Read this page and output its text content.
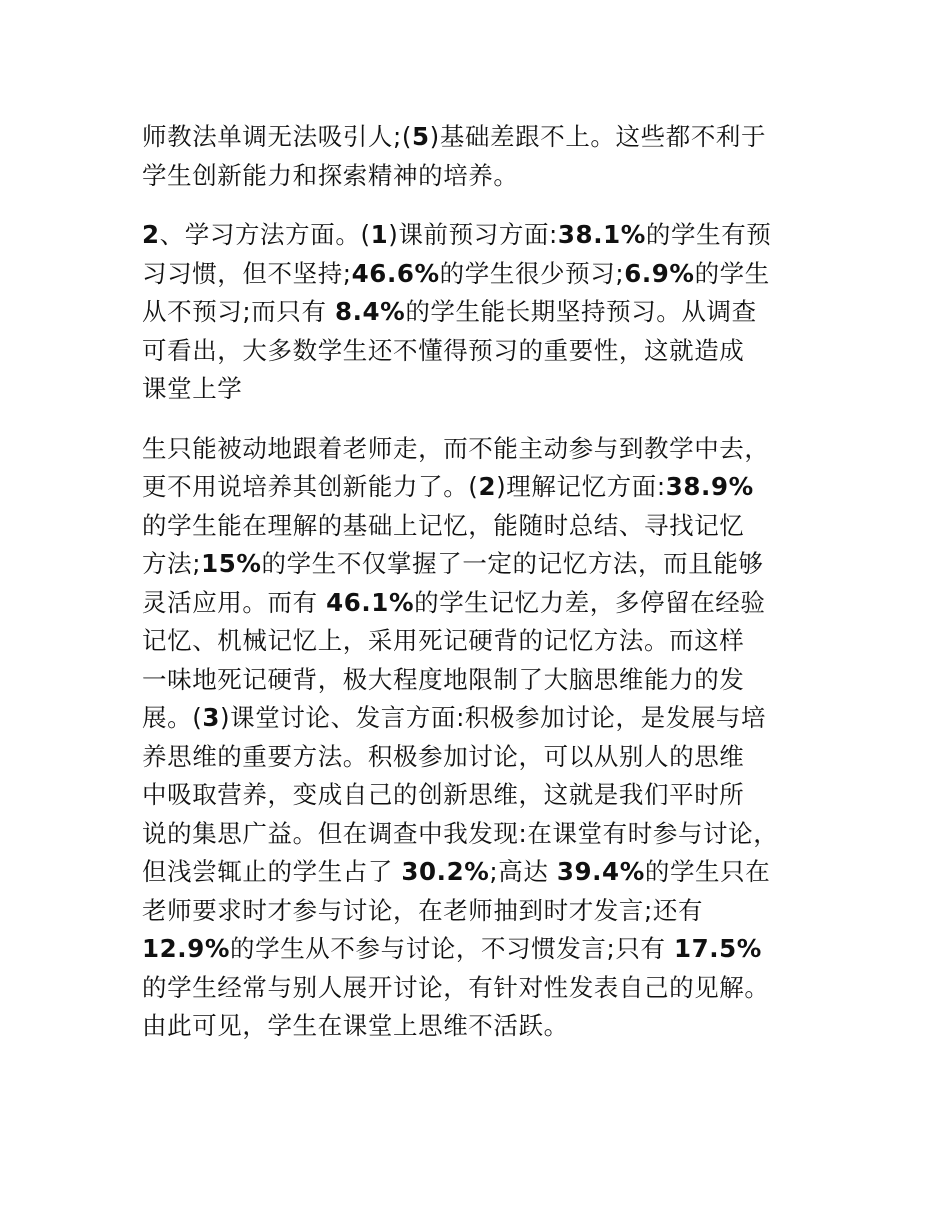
师教法单调无法吸引人;(5)基础差跟不上。这些都不利于
学生创新能力和探索精神的培养。
2、学习方法方面。(1)课前预习方面:38.1%的学生有预
习习惯，但不坚持;46.6%的学生很少预习;6.9%的学生
从不预习;而只有 8.4%的学生能长期坚持预习。从调查
可看出，大多数学生还不懂得预习的重要性，这就造成
课堂上学
生只能被动地跟着老师走，而不能主动参与到教学中去，
更不用说培养其创新能力了。(2)理解记忆方面:38.9%
的学生能在理解的基础上记忆，能随时总结、寻找记忆
方法;15%的学生不仅掌握了一定的记忆方法，而且能够
灵活应用。而有 46.1%的学生记忆力差，多停留在经验
记忆、机械记忆上，采用死记硬背的记忆方法。而这样
一味地死记硬背，极大程度地限制了大脑思维能力的发
展。(3)课堂讨论、发言方面:积极参加讨论，是发展与培
养思维的重要方法。积极参加讨论，可以从别人的思维
中吸取营养，变成自己的创新思维，这就是我们平时所
说的集思广益。但在调查中我发现:在课堂有时参与讨论，
但浅尝辄止的学生占了 30.2%;高达 39.4%的学生只在
老师要求时才参与讨论，在老师抽到时才发言;还有
12.9%的学生从不参与讨论，不习惯发言;只有 17.5%
的学生经常与别人展开讨论，有针对性发表自己的见解。
由此可见，学生在课堂上思维不活跃。
